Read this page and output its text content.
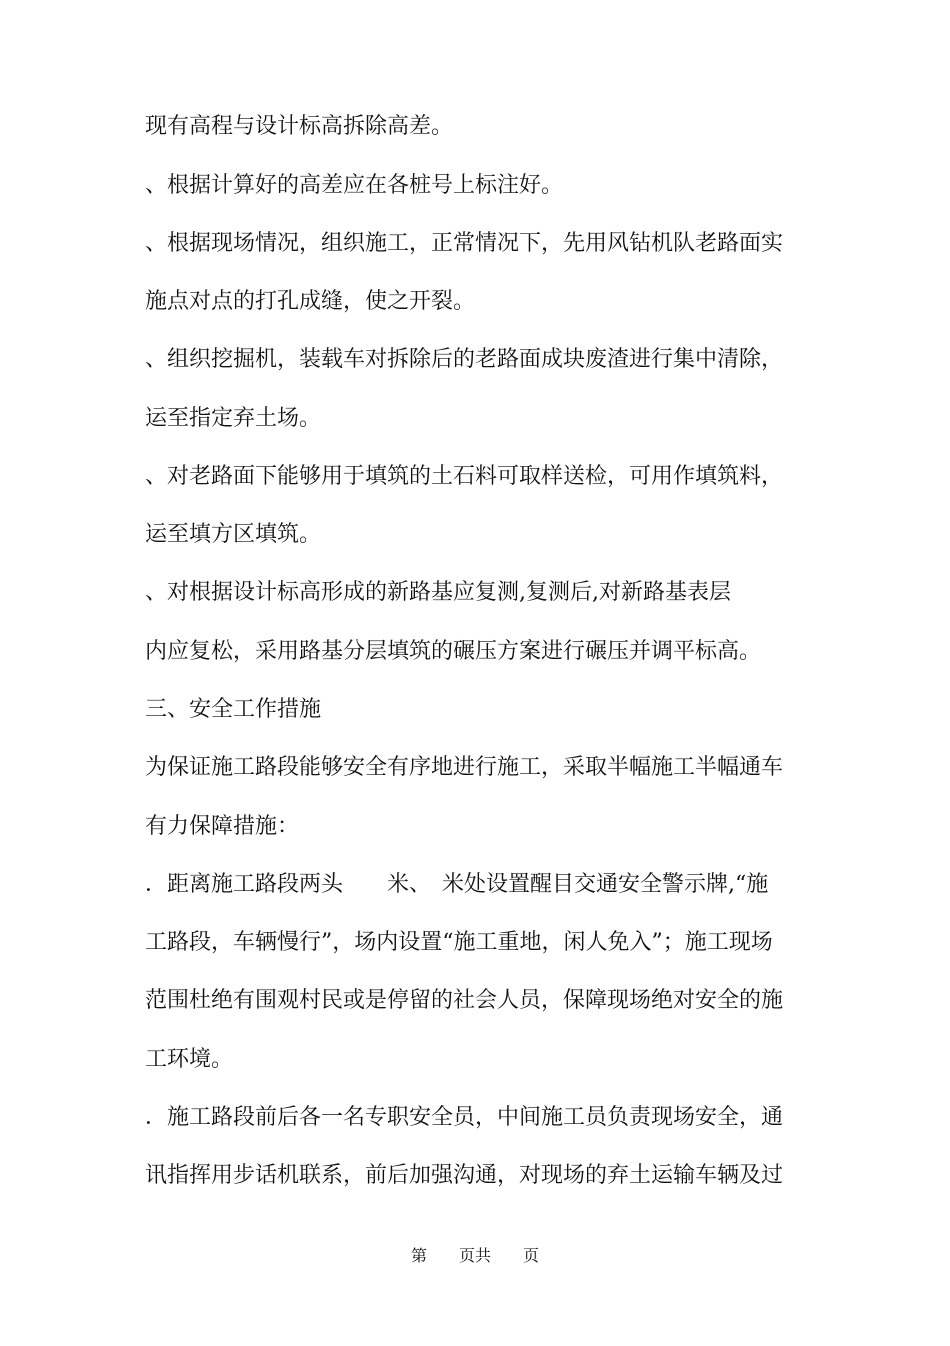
现有高程与设计标高拆除高差。
、根据计算好的高差应在各桩号上标注好。
、根据现场情况，组织施工，正常情况下，先用风钻机队老路面实
施点对点的打孔成缝，使之开裂。
、组织挖掘机，装载车对拆除后的老路面成块废渣进行集中清除，
运至指定弃土场。
、对老路面下能够用于填筑的土石料可取样送检，可用作填筑料，
运至填方区填筑。
、对根据设计标高形成的新路基应复测,复测后,对新路基表层
内应复松，采用路基分层填筑的碾压方案进行碾压并调平标高。
三、安全工作措施
为保证施工路段能够安全有序地进行施工，采取半幅施工半幅通车
有力保障措施：
．距离施工路段两头　　米、　米处设置醒目交通安全警示牌,“施
工路段，车辆慢行”，场内设置“施工重地，闲人免入”；施工现场
范围杜绝有围观村民或是停留的社会人员，保障现场绝对安全的施
工环境。
．施工路段前后各一名专职安全员，中间施工员负责现场安全，通
讯指挥用步话机联系，前后加强沟通，对现场的弃土运输车辆及过
第　　页共　　页
